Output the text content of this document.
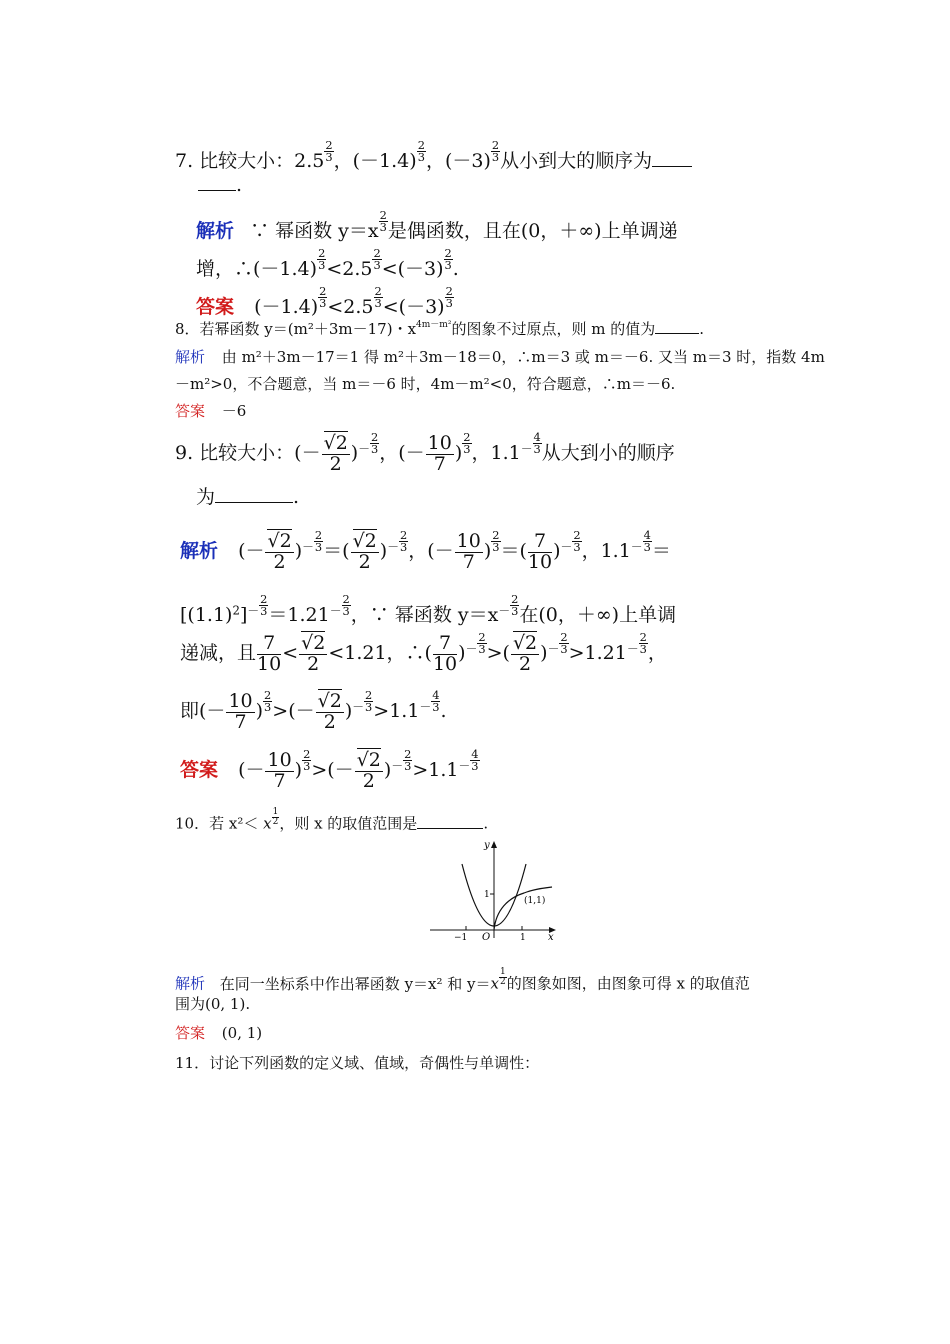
7. 比较大小：$2.5 \frac{2}{3}$ ，$(-1.4) \frac{2}{3}$ ，$(-3) \frac{2}{3}$ 从小到大的顺序为
.
解析 ∵ 幂函数 $y=x \frac{2}{3}$ 是偶函数，且在(0，＋∞)上单调递
增，∴(－1.4) $\frac{2}{3} <2.5 \frac{2}{3} <(-3) \frac{2}{3}$ .
答案 $(-1.4) \frac{2}{3} <2.5 \frac{2}{3} <(-3) \frac{2}{3}$
8．若幂函数 y＝(m²＋3m－17)・$x^{4m-m^2}$的图象不过原点，则 m 的值为	.
解析 由 m²＋3m－17＝1 得 m²＋3m－18＝0，∴m＝3 或 m＝－6. 又当 m＝3 时，指数 4m
－m²>0，不合题意，当 m＝－6 时，4m－m²<0，符合题意，∴m＝－6.
答案 －6
9. 比较大小：(－ $\frac{√2}{2} )^- \frac{2}{3}$ ，(－ $\frac{10}{7}$ ) $\frac{2}{3}$ ，$1.1^- \frac{4}{3}$ 从大到小的顺序
为	.
解析 (－ $\frac{√2}{2} )^- \frac{2}{3}$ ＝( $\frac{√2}{2} )^- \frac{2}{3}$ ，(－ $\frac{10}{7}$ ) $\frac{2}{3}$ ＝( $\frac{7}{10} )^- \frac{2}{3}$ ，$1.1^- \frac{4}{3}$ ＝
$[(1.1)^2]^- \frac{2}{3} =1.21^- \frac{2}{3}$ ，∵ 幂函数 $y=x^- \frac{2}{3}$ 在(0，＋∞)上单调
递减，且 $\frac{7}{10} < \frac{√2}{2} <1.21$，∴( $\frac{7}{10} )^- \frac{2}{3}$ >( $\frac{√2}{2} )^- \frac{2}{3} >1.21^- \frac{2}{3}$ ，
即(－ $\frac{10}{7}$ ) $\frac{2}{3}$ >(－ $\frac{√2}{2} )^- \frac{2}{3} >1.1^- \frac{4}{3}$ .
答案 (－ $\frac{10}{7}$ ) $\frac{2}{3}$ >(－ $\frac{√2}{2} )^- \frac{2}{3} >1.1^- \frac{4}{3}$
10．若 x²＜ x $\frac{1}{2}$ ，则 x 的取值范围是	.
y
x
O
−1	1
1
(1,1)
解析 在同一坐标系中作出幂函数 y＝x² 和 $y=x \frac{1}{2}$ 的图象如图，由图象可得 x 的取值范
围为(0, 1).
答案 (0, 1)
11．讨论下列函数的定义域、值域，奇偶性与单调性：
